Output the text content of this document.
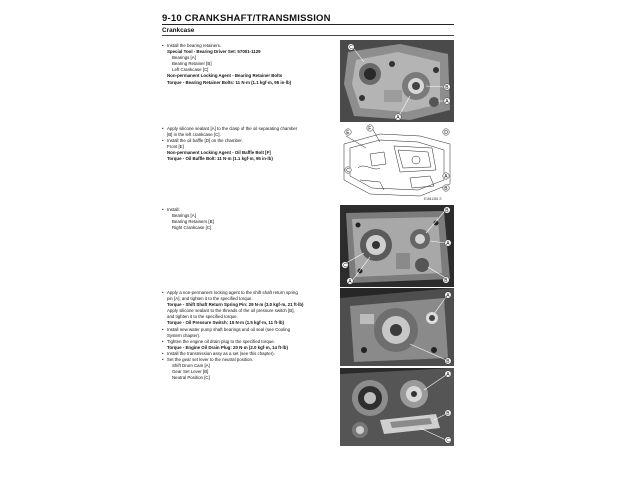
9-10 CRANKSHAFT/TRANSMISSION
Crankcase
• Install the bearing retainers.
Special Tool - Bearing Driver Set: 57001-1129
Bearings [A]
Bearing Retainer [B]
Left Crankcase [C]
Non-permanent Locking Agent - Bearing Retainer Bolts
Torque - Bearing Retainer Bolts: 11 N·m (1.1 kgf·m, 95 in·lb)
• Apply silicone sealant [A] to the clasp of the oil separating chamber
[B] in the left crankcase [C].
• Install the oil baffle [D] on the chamber.
Front [E]
Non-permanent Locking Agent - Oil Baffle Bolt [F]
Torque - Oil Baffle Bolt: 11 N·m (1.1 kgf·m, 95 in·lb)
• Install:
Bearings [A]
Bearing Retainers [B]
Right Crankcase [C]
• Apply a non-permanent locking agent to the shift shaft return spring
pin [A], and tighten it to the specified torque.
Torque - Shift Shaft Return Spring Pin: 29 N·m (3.0 kgf·m, 21 ft·lb)
Apply silicone sealant to the threads of the oil pressure switch [B],
and tighten it to the specified torque.
Torque - Oil Pressure Switch: 15 N·m (1.5 kgf·m, 11 ft·lb)
• Install new water pump shaft bearings and oil seal (see Cooling
System chapter).
• Tighten the engine oil drain plug to the specified torque.
Torque - Engine Oil Drain Plug: 20 N·m (2.0 kgf·m, 14 ft·lb)
• Install the transmission assy as a set (see this chapter).
• Set the gear set lever to the neutral position.
Shift Drum Cam [A]
Gear Set Lever [B]
Neutral Position [C]
C
B
A
A
E
F
C
A
B
D
E1641361 S
B
A
C
A	B
A
B
A
B
C
